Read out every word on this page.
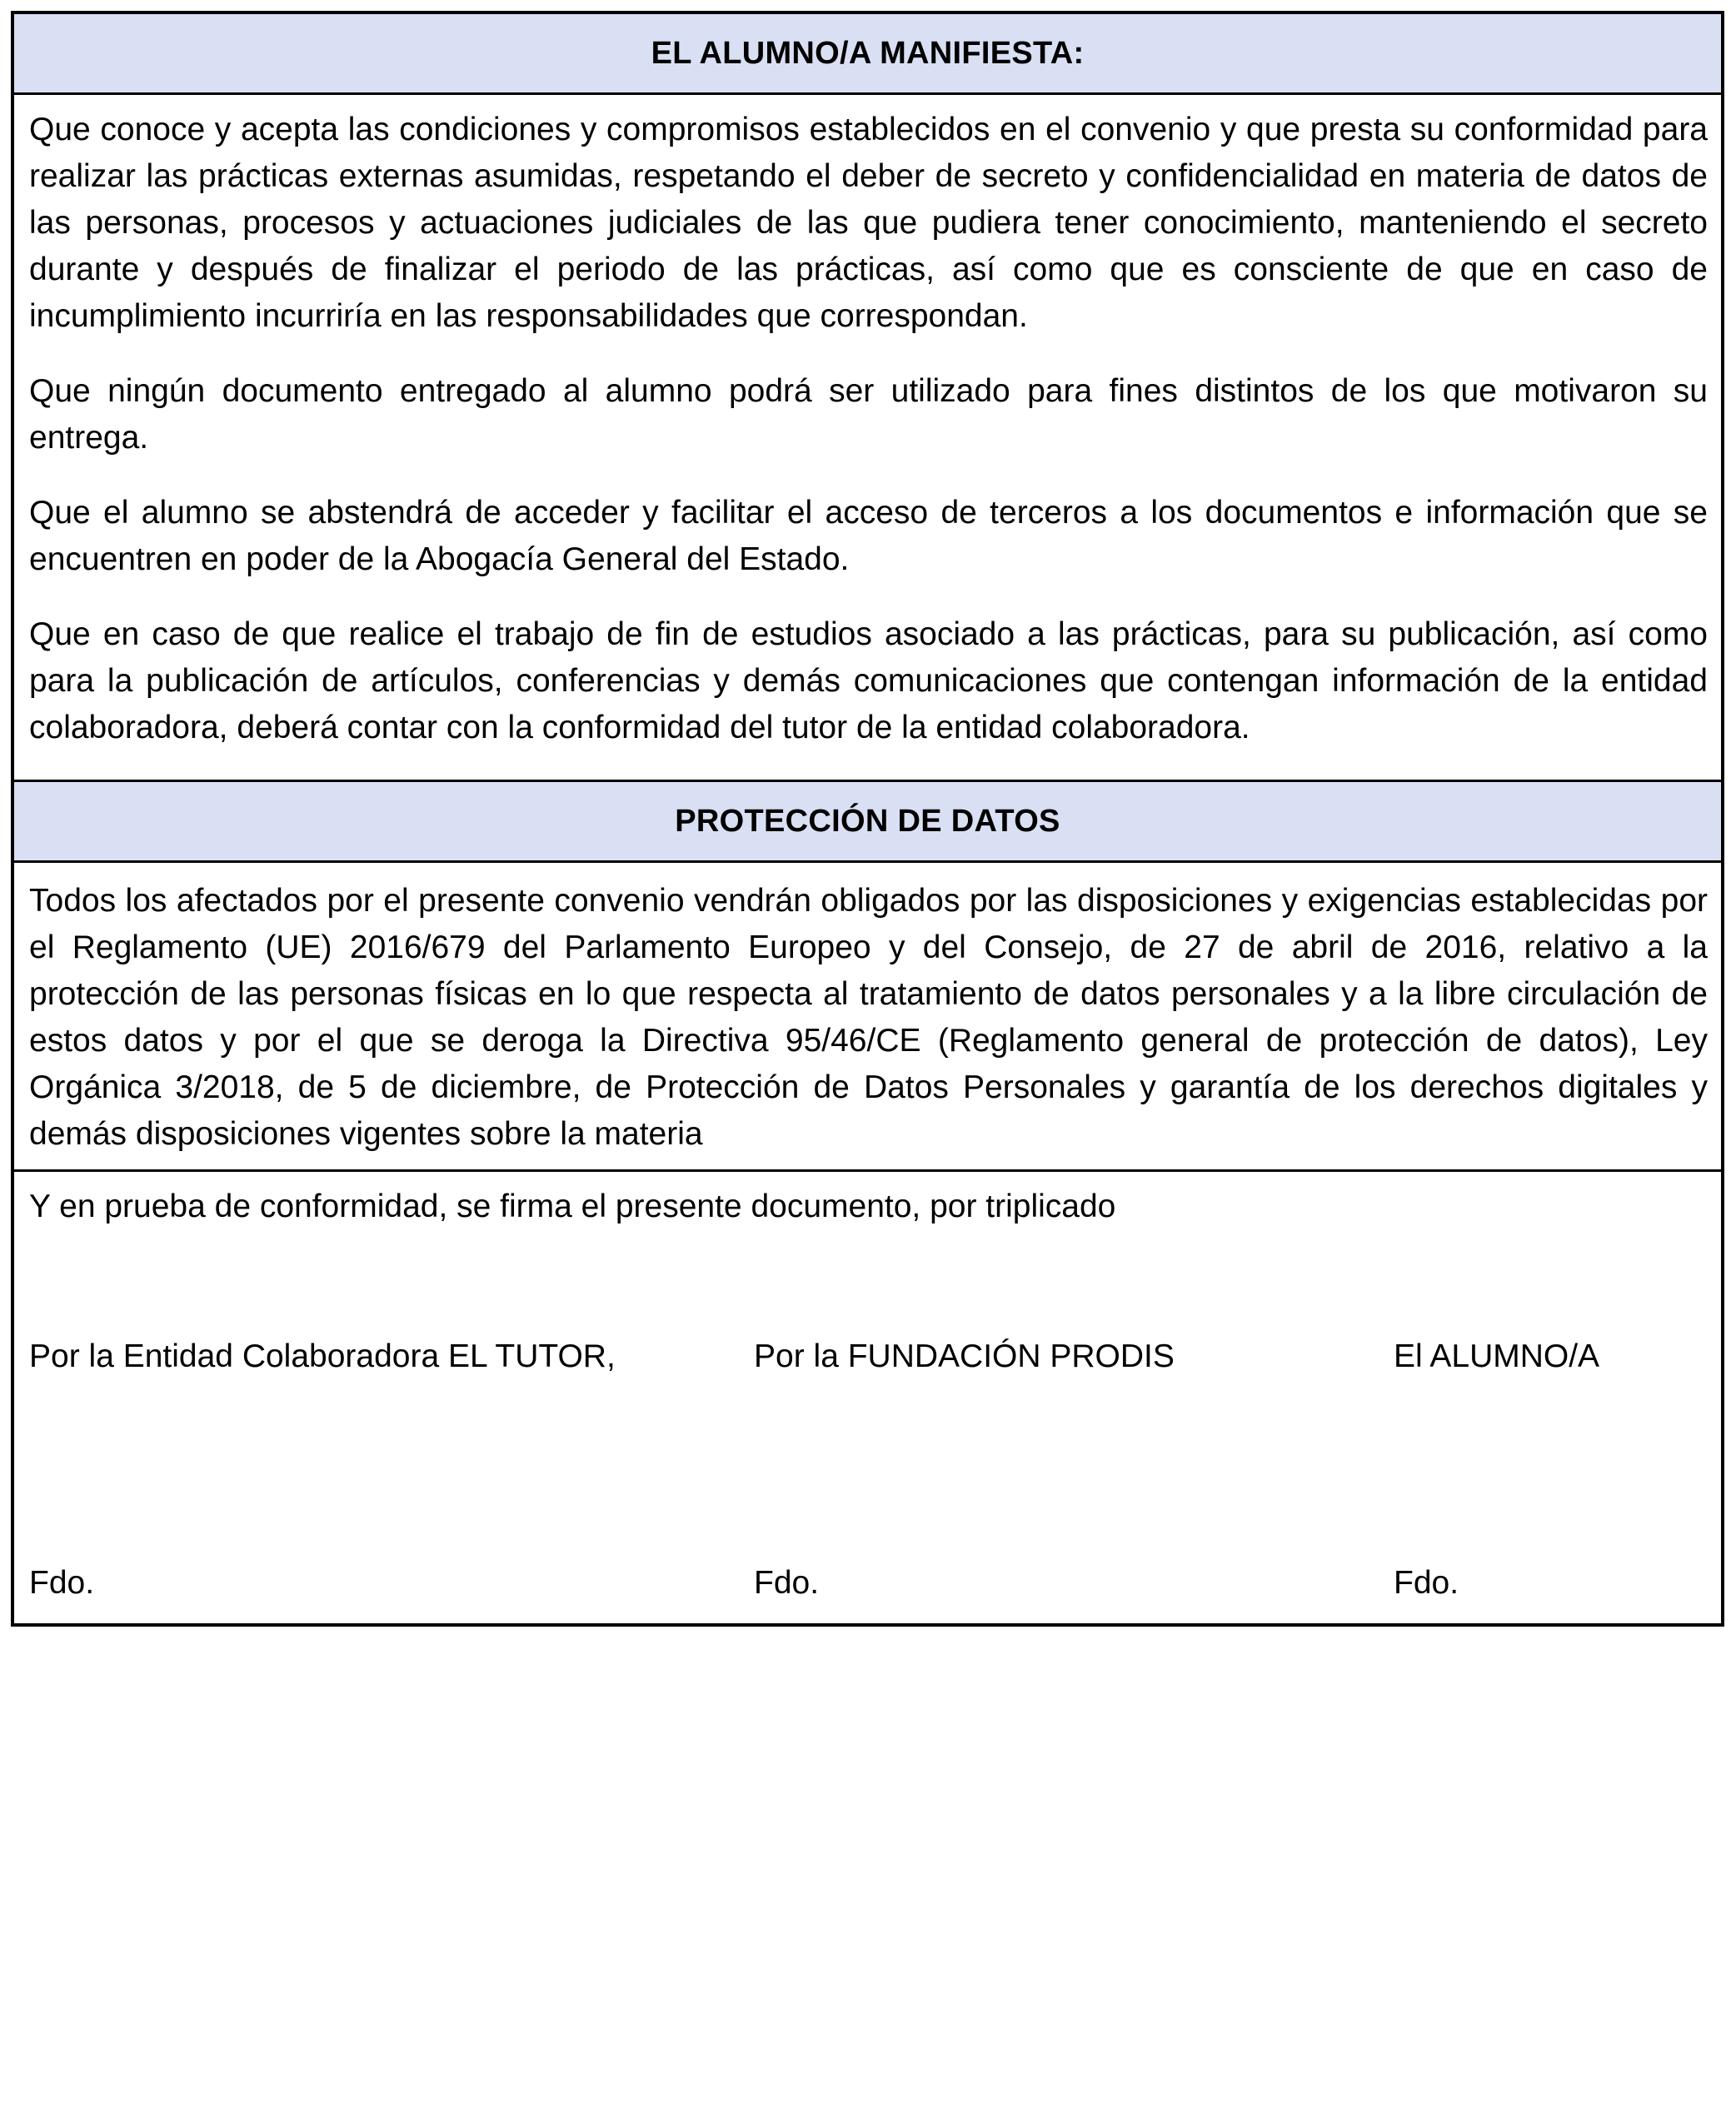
EL ALUMNO/A MANIFIESTA:

Que conoce y acepta las condiciones y compromisos establecidos en el convenio y que presta su conformidad para realizar las prácticas externas asumidas, respetando el deber de secreto y confidencialidad en materia de datos de las personas, procesos y actuaciones judiciales de las que pudiera tener conocimiento, manteniendo el secreto durante y después de finalizar el periodo de las prácticas, así como que es consciente de que en caso de incumplimiento incurriría en las responsabilidades que correspondan.

Que ningún documento entregado al alumno podrá ser utilizado para fines distintos de los que motivaron su entrega.

Que el alumno se abstendrá de acceder y facilitar el acceso de terceros a los documentos e información que se encuentren en poder de la Abogacía General del Estado.

Que en caso de que realice el trabajo de fin de estudios asociado a las prácticas, para su publicación, así como para la publicación de artículos, conferencias y demás comunicaciones que contengan información de la entidad colaboradora, deberá contar con la conformidad del tutor de la entidad colaboradora.

PROTECCIÓN DE DATOS

Todos los afectados por el presente convenio vendrán obligados por las disposiciones y exigencias establecidas por el Reglamento (UE) 2016/679 del Parlamento Europeo y del Consejo, de 27 de abril de 2016, relativo a la protección de las personas físicas en lo que respecta al tratamiento de datos personales y a la libre circulación de estos datos y por el que se deroga la Directiva 95/46/CE (Reglamento general de protección de datos), Ley Orgánica 3/2018, de 5 de diciembre, de Protección de Datos Personales y garantía de los derechos digitales y demás disposiciones vigentes sobre la materia

Y en prueba de conformidad, se firma el presente documento, por triplicado
Por la Entidad Colaboradora EL TUTOR,	Por la FUNDACIÓN PRODIS	El ALUMNO/A
Fdo.	Fdo.	Fdo.
